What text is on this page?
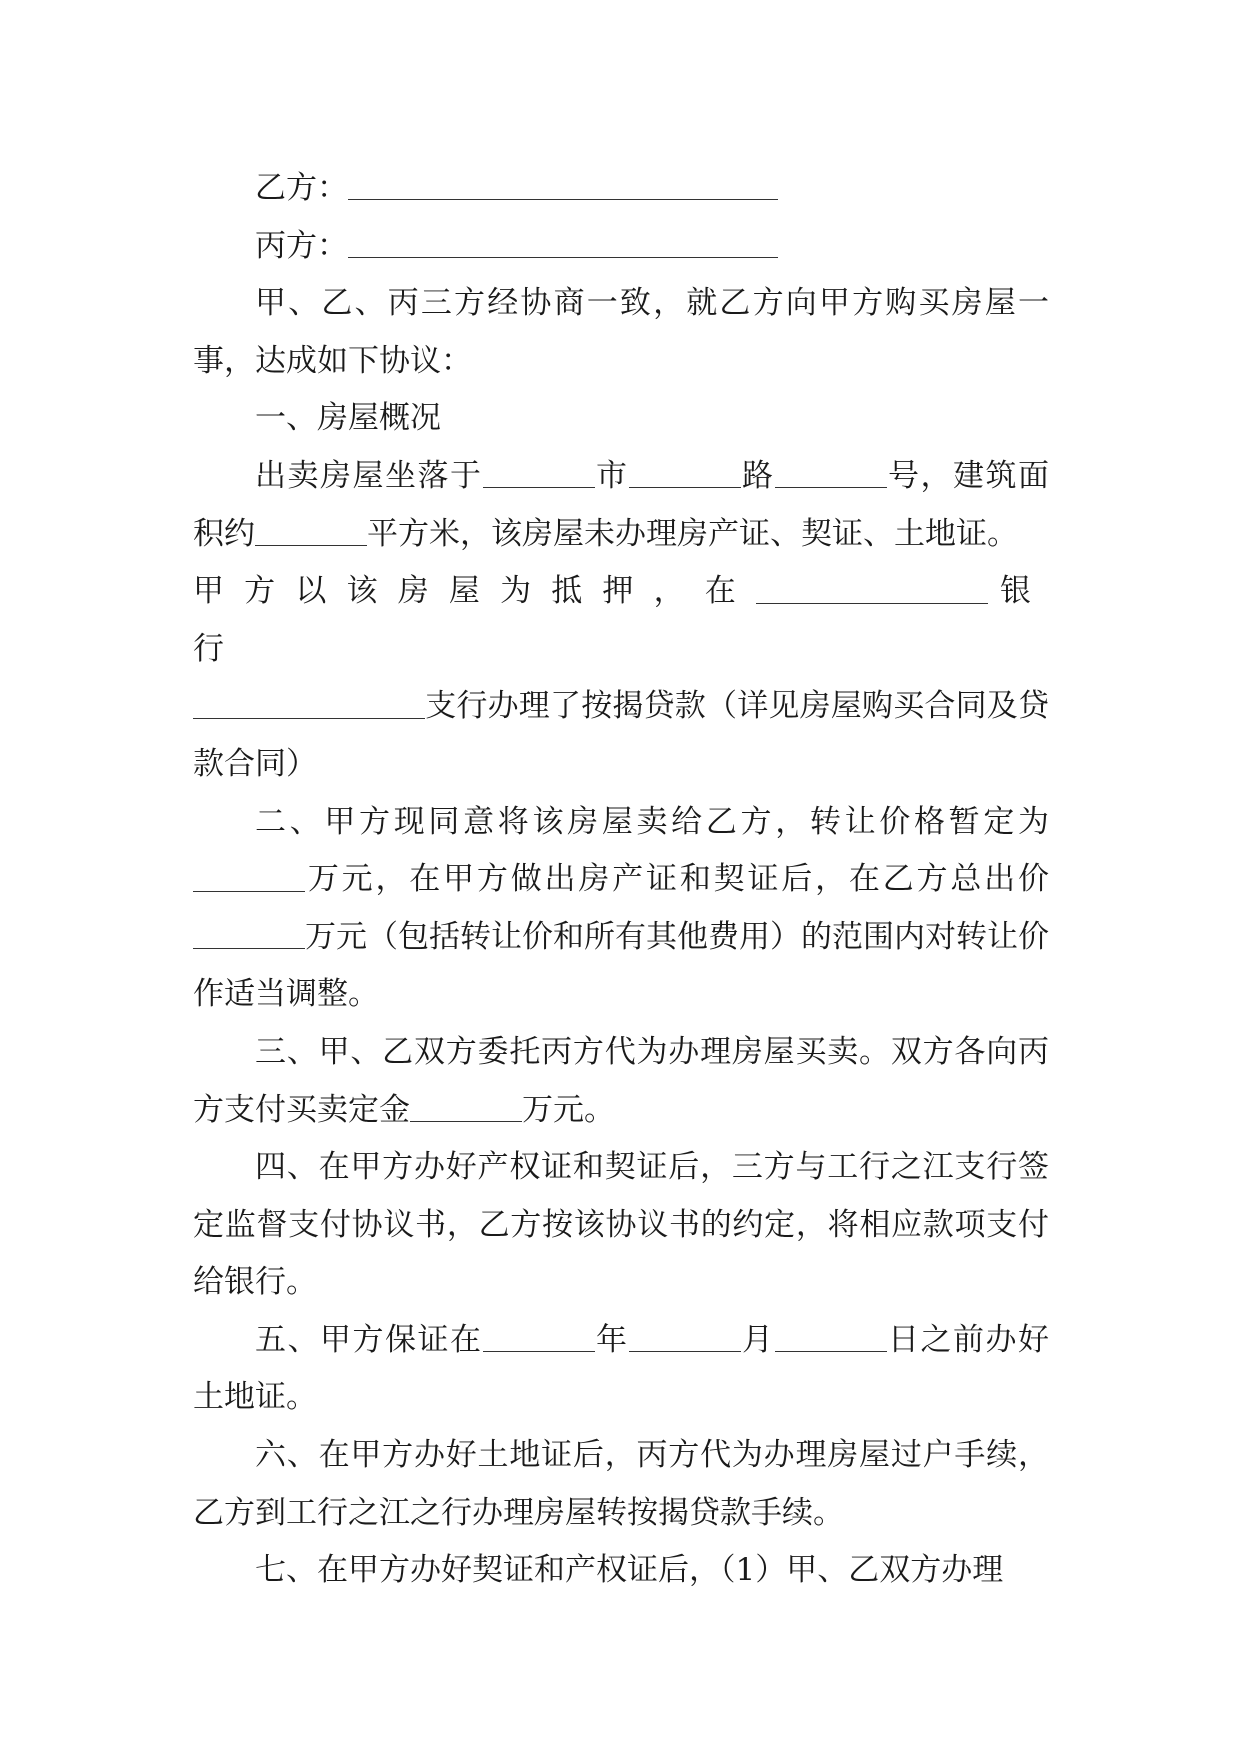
乙方：

丙方：

甲、乙、丙三方经协商一致，就乙方向甲方购买房屋一事，达成如下协议：

一、房屋概况

出卖房屋坐落于	市	路	号，建筑面积约	平方米，该房屋未办理房产证、契证、土地证。
甲方以该房屋为抵押，在	银行
支行办理了按揭贷款（详见房屋购买合同及贷款合同）

二、甲方现同意将该房屋卖给乙方，转让价格暂定为万元，在甲方做出房产证和契证后，在乙方总出价万元（包括转让价和所有其他费用）的范围内对转让价作适当调整。

三、甲、乙双方委托丙方代为办理房屋买卖。双方各向丙方支付买卖定金	万元。

四、在甲方办好产权证和契证后，三方与工行之江支行签定监督支付协议书，乙方按该协议书的约定，将相应款项支付给银行。

五、甲方保证在	年	月	日之前办好土地证。

六、在甲方办好土地证后，丙方代为办理房屋过户手续，乙方到工行之江之行办理房屋转按揭贷款手续。

七、在甲方办好契证和产权证后，（1）甲、乙双方办理
